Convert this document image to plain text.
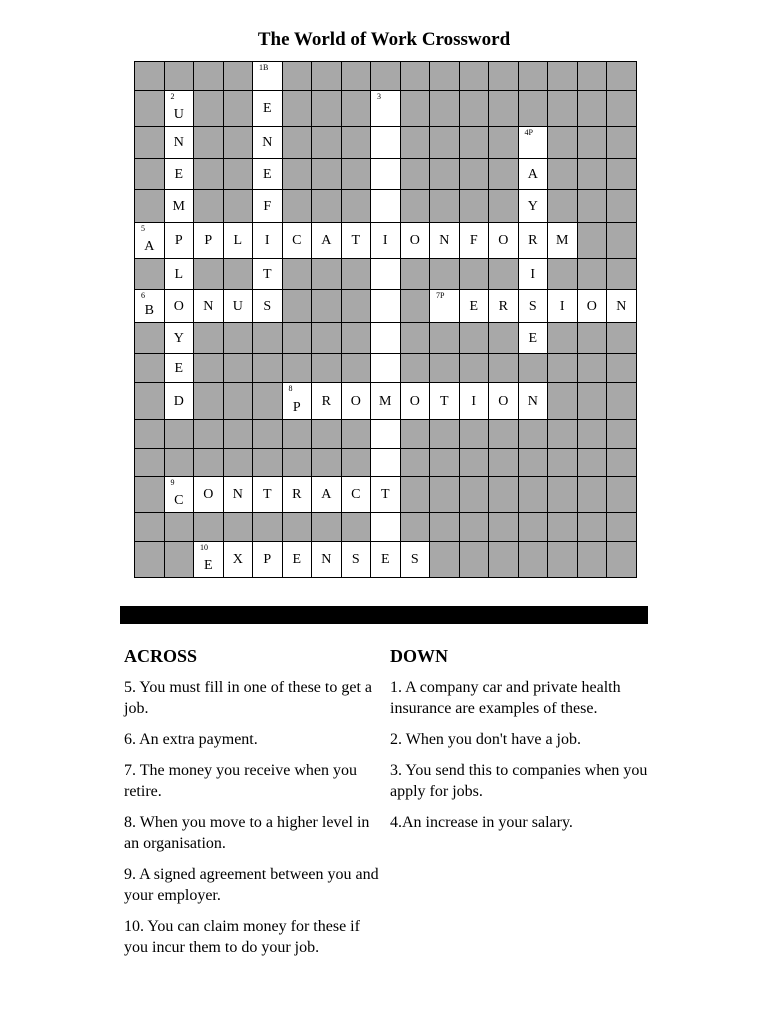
The World of Work Crossword
1B
2
U	E
3
N	N
4P
E	E	A
M	F	Y
5
A	P	P	L	I	C	A	T	I	O	N	F	O	R	M
L	T	I
6
B	O	N	U	S
7P
E	R	S	I	O	N
Y	E
E
D
8
P	R	O	M	O	T	I	O	N
9
C	O	N	T	R	A	C	T
10
E	X	P	E	N	S	E	S
ACROSS

5. You must fill in one of these to get a job.

6. An extra payment.

7. The money you receive when you retire.

8. When you move to a higher level in an organisation.

9. A signed agreement between you and your employer.

10. You can claim money for these if you incur them to do your job.

DOWN

1. A company car and private health insurance are examples of these.

2. When you don't have a job.

3. You send this to companies when you apply for jobs.

4.An increase in your salary.
